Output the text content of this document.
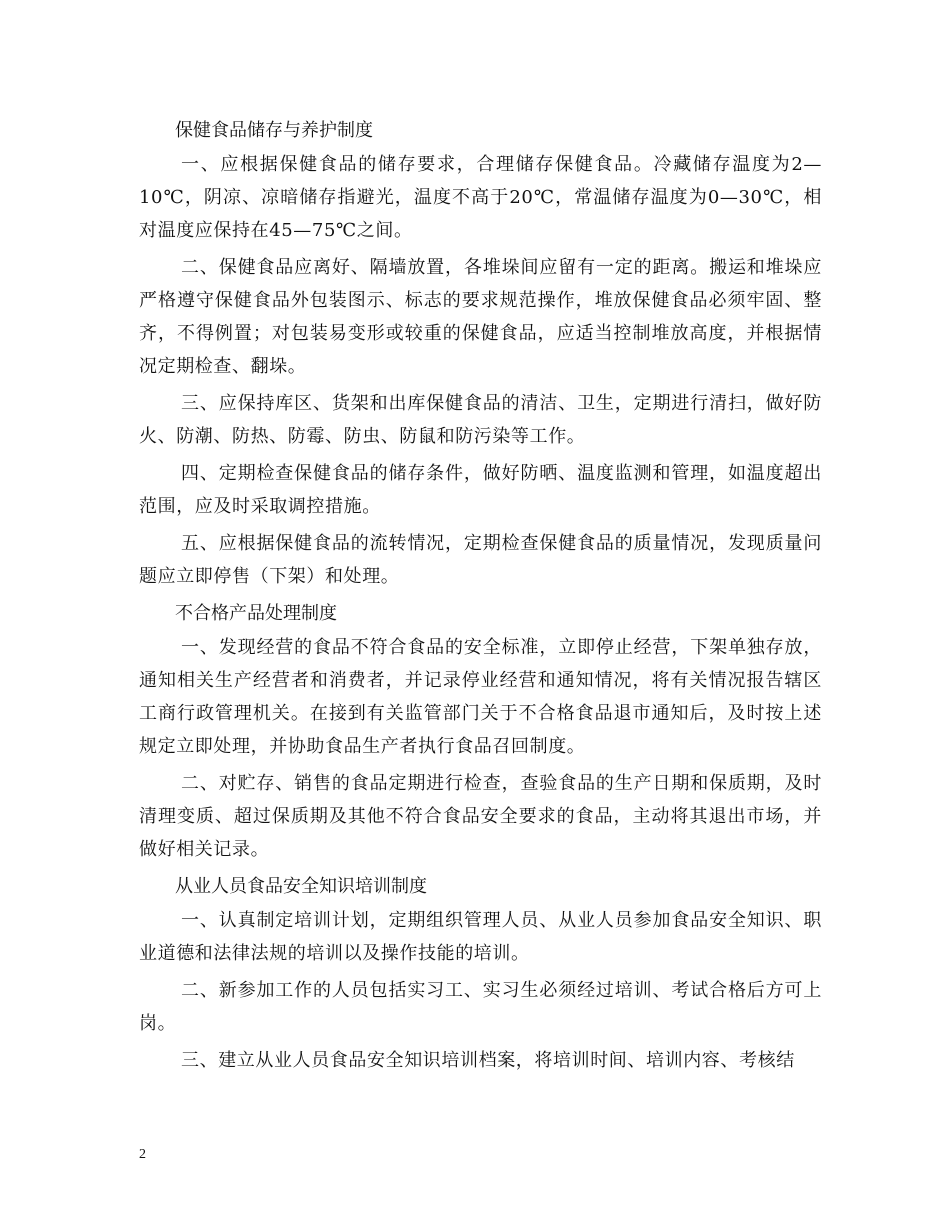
保健食品储存与养护制度

一、应根据保健食品的储存要求，合理储存保健食品。冷藏储存温度为2—10℃，阴凉、凉暗储存指避光，温度不高于20℃，常温储存温度为0—30℃，相对温度应保持在45—75℃之间。

二、保健食品应离好、隔墙放置，各堆垛间应留有一定的距离。搬运和堆垛应严格遵守保健食品外包装图示、标志的要求规范操作，堆放保健食品必须牢固、整齐，不得例置；对包装易变形或较重的保健食品，应适当控制堆放高度，并根据情况定期检查、翻垛。

三、应保持库区、货架和出库保健食品的清洁、卫生，定期进行清扫，做好防火、防潮、防热、防霉、防虫、防鼠和防污染等工作。

四、定期检查保健食品的储存条件，做好防晒、温度监测和管理，如温度超出范围，应及时采取调控措施。

五、应根据保健食品的流转情况，定期检查保健食品的质量情况，发现质量问题应立即停售（下架）和处理。

不合格产品处理制度

一、发现经营的食品不符合食品的安全标准，立即停止经营，下架单独存放，通知相关生产经营者和消费者，并记录停业经营和通知情况，将有关情况报告辖区工商行政管理机关。在接到有关监管部门关于不合格食品退市通知后，及时按上述规定立即处理，并协助食品生产者执行食品召回制度。

二、对贮存、销售的食品定期进行检查，查验食品的生产日期和保质期，及时清理变质、超过保质期及其他不符合食品安全要求的食品，主动将其退出市场，并做好相关记录。

从业人员食品安全知识培训制度

一、认真制定培训计划，定期组织管理人员、从业人员参加食品安全知识、职业道德和法律法规的培训以及操作技能的培训。

二、新参加工作的人员包括实习工、实习生必须经过培训、考试合格后方可上岗。

三、建立从业人员食品安全知识培训档案，将培训时间、培训内容、考核结

2
